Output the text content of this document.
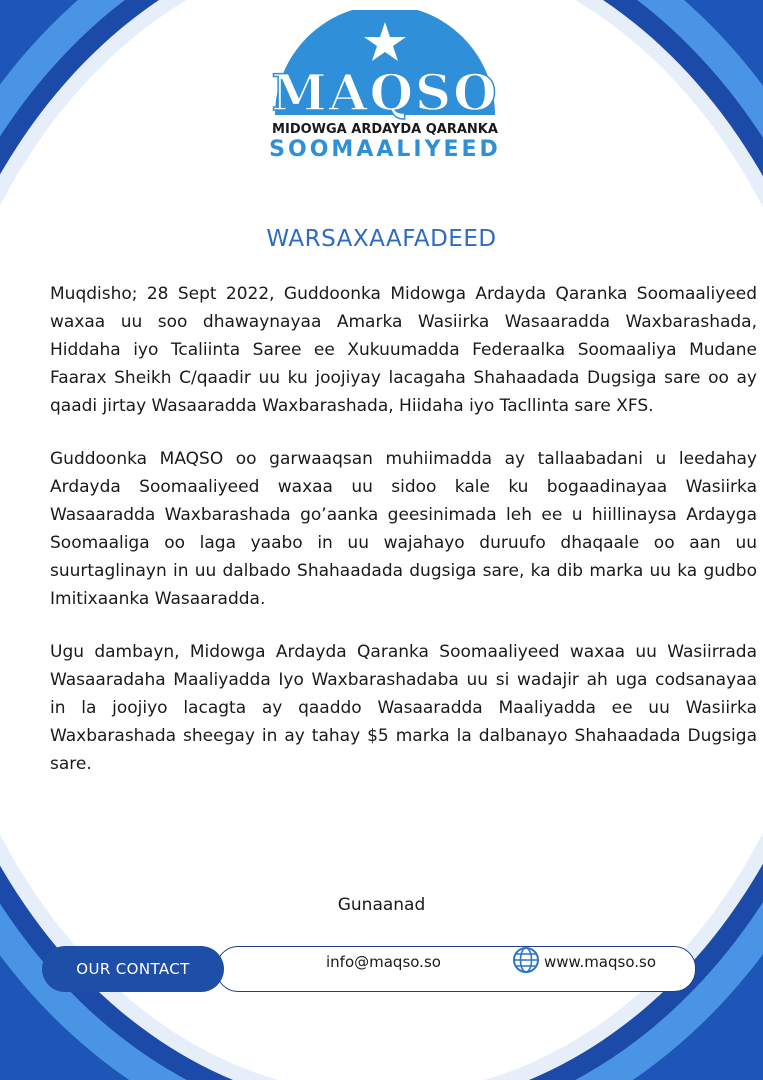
MAQSO
MIDOWGA ARDAYDA QARANKA
SOOMAALIYEED
WARSAXAAFADEED

Muqdisho; 28 Sept 2022, Guddoonka Midowga Ardayda Qaranka Soomaaliyeed waxaa uu soo dhawaynayaa Amarka Wasiirka Wasaaradda Waxbarashada, Hiddaha iyo Tcaliinta Saree ee Xukuumadda Federaalka Soomaaliya Mudane Faarax Sheikh C/qaadir uu ku joojiyay lacagaha Shahaadada Dugsiga sare oo ay qaadi jirtay Wasaaradda Waxbarashada, Hiidaha iyo Tacllinta sare XFS.

Guddoonka MAQSO oo garwaaqsan muhiimadda ay tallaabadani u leedahay Ardayda Soomaaliyeed waxaa uu sidoo kale ku bogaadinayaa Wasiirka Wasaaradda Waxbarashada go’aanka geesinimada leh ee u hiillinaysa Ardayga Soomaaliga oo laga yaabo in uu wajahayo duruufo dhaqaale oo aan uu suurtaglinayn in uu dalbado Shahaadada dugsiga sare, ka dib marka uu ka gudbo Imitixaanka Wasaaradda.

Ugu dambayn, Midowga Ardayda Qaranka Soomaaliyeed waxaa uu Wasiirrada Wasaaradaha Maaliyadda Iyo Waxbarashadaba uu si wadajir ah uga codsanayaa in la joojiyo lacagta ay qaaddo Wasaaradda Maaliyadda ee uu Wasiirka Waxbarashada sheegay in ay tahay $5 marka la dalbanayo Shahaadada Dugsiga sare.

Gunaanad
OUR CONTACT	info@maqso.so	www.maqso.so
